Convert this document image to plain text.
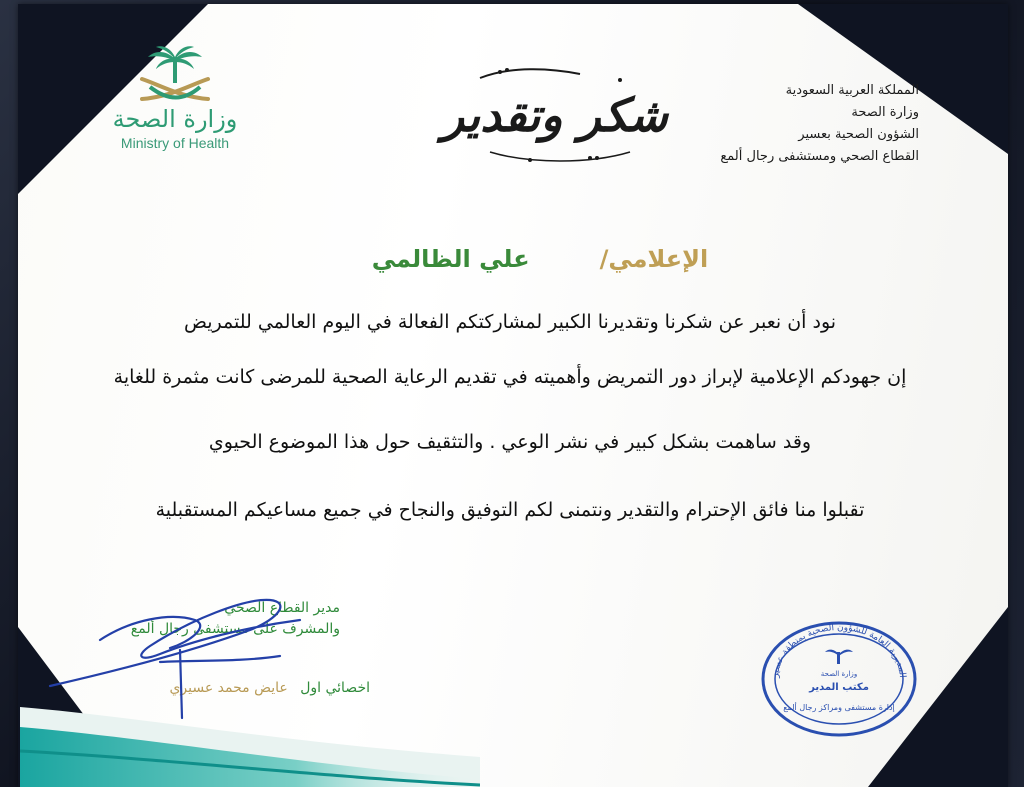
وزارة الصحة
Ministry of Health
شكر وتقدير	المملكة العربية السعودية
وزارة الصحة
الشؤون الصحية بعسير
القطاع الصحي ومستشفى رجال ألمع
الإعلامي/
علي الظالمي
نود أن نعبر عن شكرنا وتقديرنا الكبير لمشاركتكم الفعالة في اليوم العالمي للتمريض
إن جهودكم الإعلامية لإبراز دور التمريض وأهميته في تقديم الرعاية الصحية للمرضى كانت مثمرة للغاية
وقد ساهمت بشكل كبير في نشر الوعي . والتثقيف حول هذا الموضوع الحيوي
تقبلوا منا فائق الإحترام والتقدير ونتمنى لكم التوفيق والنجاح في جميع مساعيكم المستقبلية
مدير القطاع الصحي
والمشرف على مستشفى رجال ألمع
اخصائي اول عايض محمد عسيري
المديرية العامة للشؤون الصحية بمنطقة عسير
وزارة الصحة
مكتب المدير
إدارة مستشفى ومراكز رجال ألمع
